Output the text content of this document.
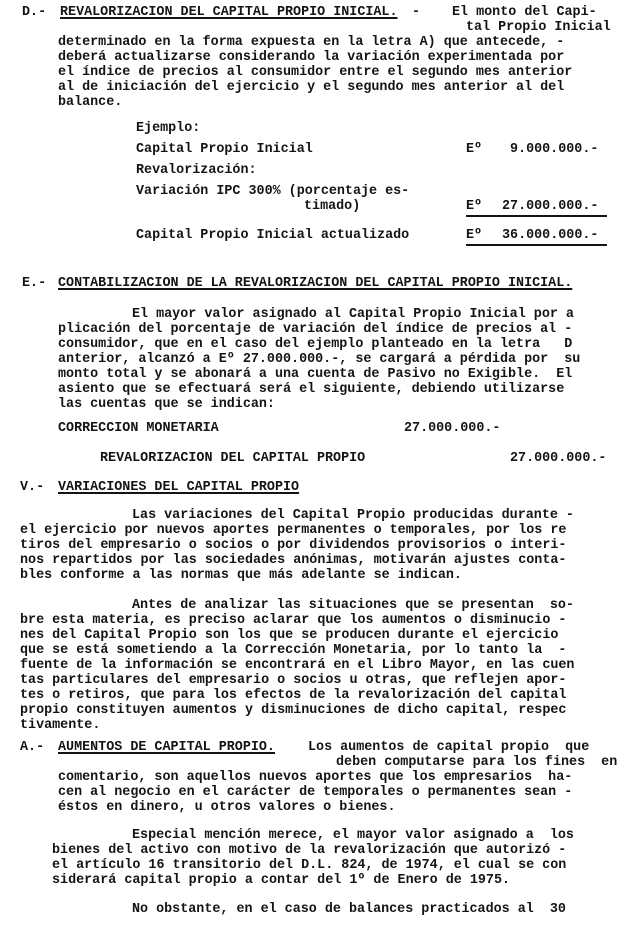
D.- REVALORIZACION DEL CAPITAL PROPIO INICIAL. - El monto del Capi-
tal Propio Inicial
determinado en la forma expuesta en la letra A) que antecede, -
deberá actualizarse considerando la variación experimentada por
el índice de precios al consumidor entre el segundo mes anterior
al de iniciación del ejercicio y el segundo mes anterior al del
balance.
Ejemplo:
Capital Propio Inicial	Eº 9.000.000.-
Revalorización:
Variación IPC 300% (porcentaje es-
timado)	Eº 27.000.000.-
Capital Propio Inicial actualizado	Eº 36.000.000.-
E.- CONTABILIZACION DE LA REVALORIZACION DEL CAPITAL PROPIO INICIAL.
El mayor valor asignado al Capital Propio Inicial por a
plicación del porcentaje de variación del índice de precios al -
consumidor, que en el caso del ejemplo planteado en la letra   D
anterior, alcanzó a Eº 27.000.000.-, se cargará a pérdida por  su
monto total y se abonará a una cuenta de Pasivo no Exigible.  El
asiento que se efectuará será el siguiente, debiendo utilizarse
las cuentas que se indican:
CORRECCION MONETARIA	27.000.000.-
REVALORIZACION DEL CAPITAL PROPIO	27.000.000.-
V.- VARIACIONES DEL CAPITAL PROPIO
Las variaciones del Capital Propio producidas durante -
el ejercicio por nuevos aportes permanentes o temporales, por los re
tiros del empresario o socios o por dividendos provisorios o interi-
nos repartidos por las sociedades anónimas, motivarán ajustes conta-
bles conforme a las normas que más adelante se indican.
Antes de analizar las situaciones que se presentan  so-
bre esta materia, es preciso aclarar que los aumentos o disminucio -
nes del Capital Propio son los que se producen durante el ejercicio
que se está sometiendo a la Corrección Monetaria, por lo tanto la  -
fuente de la información se encontrará en el Libro Mayor, en las cuen
tas particulares del empresario o socios u otras, que reflejen apor-
tes o retiros, que para los efectos de la revalorización del capital
propio constituyen aumentos y disminuciones de dicho capital, respec
tivamente.
A.- AUMENTOS DE CAPITAL PROPIO. Los aumentos de capital propio  que
deben computarse para los fines  en
comentario, son aquellos nuevos aportes que los empresarios  ha-
cen al negocio en el carácter de temporales o permanentes sean -
éstos en dinero, u otros valores o bienes.
Especial mención merece, el mayor valor asignado a  los
bienes del activo con motivo de la revalorización que autorizó -
el artículo 16 transitorio del D.L. 824, de 1974, el cual se con
siderará capital propio a contar del 1º de Enero de 1975.
No obstante, en el caso de balances practicados al  30
